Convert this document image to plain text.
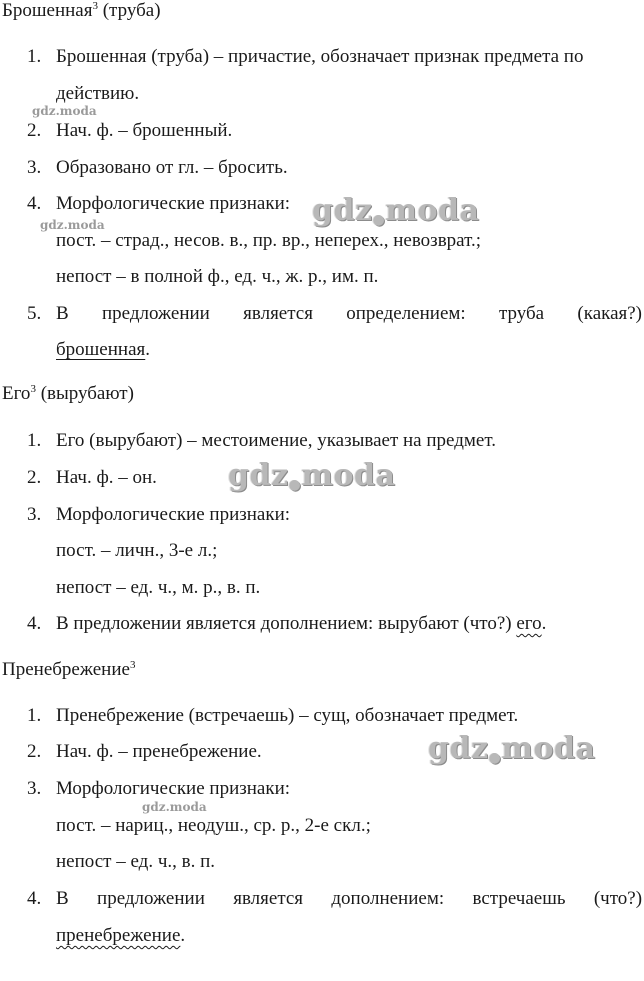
Брошенная$^3$ (труба)
1. Брошенная (труба) – причастие, обозначает признак предмета по
действию.
2. Нач. ф. – брошенный.
3. Образовано от гл. – бросить.
4. Морфологические признаки:
пост. – страд., несов. в., пр. вр., неперех., невозврат.;
непост – в полной ф., ед. ч., ж. р., им. п.
5. В предложении является определением: труба (какая?)
брошенная.
Его$^3$ (вырубают)
1. Его (вырубают) – местоимение, указывает на предмет.
2. Нач. ф. – он.
3. Морфологические признаки:
пост. – личн., 3-е л.;
непост – ед. ч., м. р., в. п.
4. В предложении является дополнением: вырубают (что?) его.
Пренебрежение$^3$
1. Пренебрежение (встречаешь) – сущ, обозначает предмет.
2. Нач. ф. – пренебрежение.
3. Морфологические признаки:
пост. – нариц., неодуш., ср. р., 2-е скл.;
непост – ед. ч., в. п.
4. В предложении является дополнением: встречаешь (что?)
пренебрежение.
gdz.moda
gdz.moda
gdz.moda
gdz●moda
gdz●moda
gdz●moda
